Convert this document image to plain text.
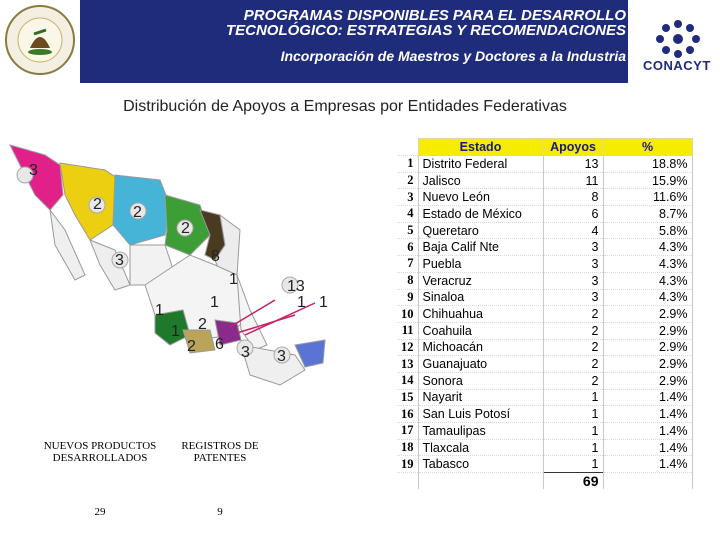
CONACYT
PROGRAMAS DISPONIBLES PARA EL DESARROLLO
TECNOLÓGICO: ESTRATEGIAS Y RECOMENDACIONES
Incorporación de Maestros y Doctores a la Industria
Distribución de Apoyos a Empresas por Entidades Federativas
3
2 2
2
8
3
1	13
1	1 1
1
1 2
2 6 3 3
NUEVOS PRODUCTOS DESARROLLADOS	REGISTROS DE PATENTES
29	9
	Estado	Apoyos	%
1	Distrito Federal	13	18.8%
2	Jalisco	11	15.9%
3	Nuevo León	8	11.6%
4	Estado de México	6	8.7%
5	Queretaro	4	5.8%
6	Baja Calif Nte	3	4.3%
7	Puebla	3	4.3%
8	Veracruz	3	4.3%
9	Sinaloa	3	4.3%
10	Chihuahua	2	2.9%
11	Coahuila	2	2.9%
12	Michoacán	2	2.9%
13	Guanajuato	2	2.9%
14	Sonora	2	2.9%
15	Nayarit	1	1.4%
16	San Luis Potosí	1	1.4%
17	Tamaulipas	1	1.4%
18	Tlaxcala	1	1.4%
19	Tabasco	1	1.4%
		69	
